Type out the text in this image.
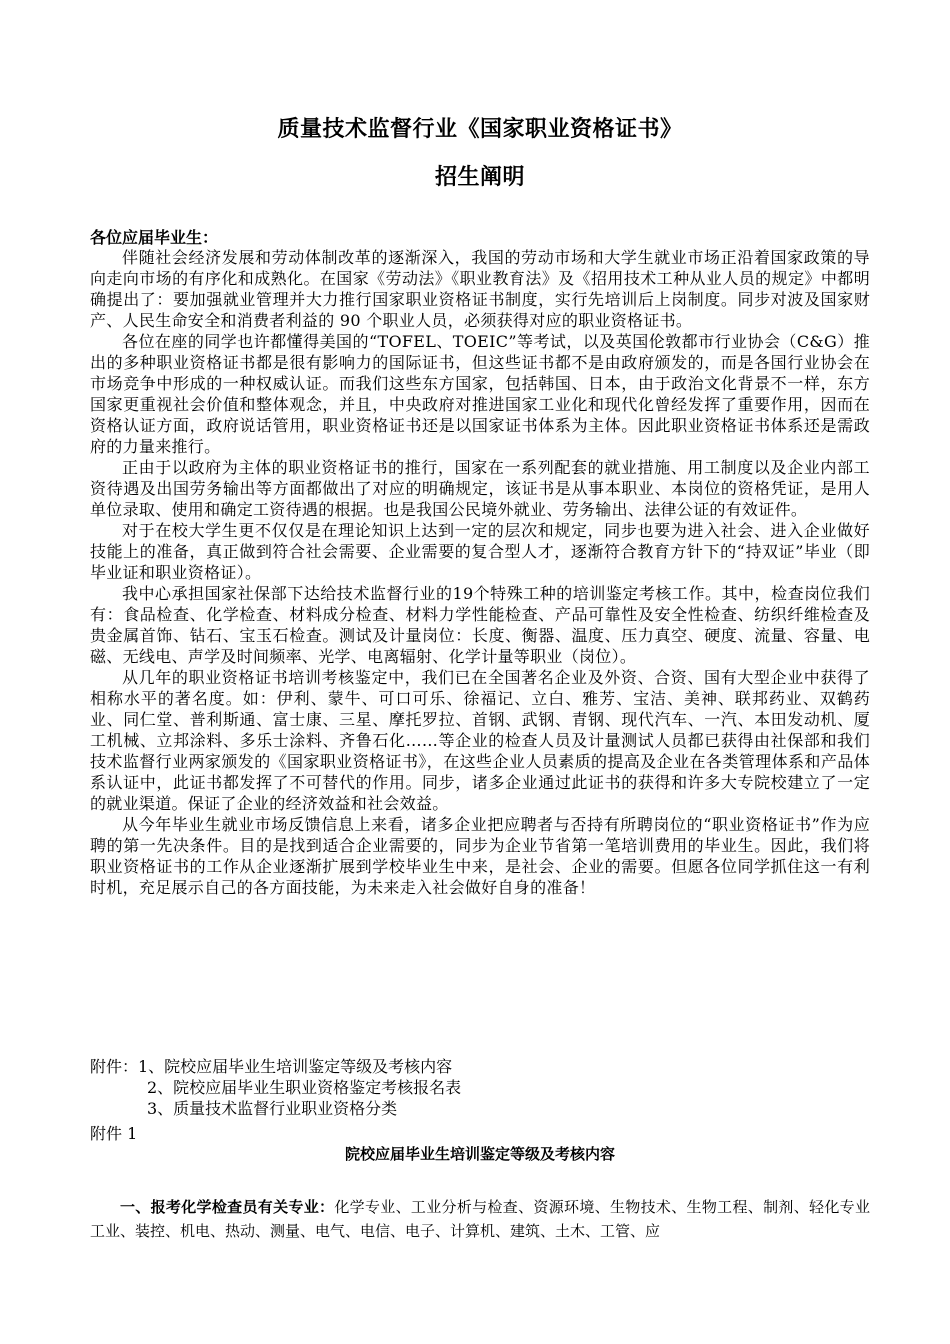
质量技术监督行业《国家职业资格证书》
招生阐明
各位应届毕业生：

伴随社会经济发展和劳动体制改革的逐渐深入，我国的劳动市场和大学生就业市场正沿着国家政策的导向走向市场的有序化和成熟化。在国家《劳动法》《职业教育法》及《招用技术工种从业人员的规定》中都明确提出了：要加强就业管理并大力推行国家职业资格证书制度，实行先培训后上岗制度。同步对波及国家财产、人民生命安全和消费者利益的 90 个职业人员，必须获得对应的职业资格证书。

各位在座的同学也许都懂得美国的“TOFEL、TOEIC”等考试，以及英国伦敦都市行业协会（C&G）推出的多种职业资格证书都是很有影响力的国际证书，但这些证书都不是由政府颁发的，而是各国行业协会在市场竞争中形成的一种权威认证。而我们这些东方国家，包括韩国、日本，由于政治文化背景不一样，东方国家更重视社会价值和整体观念，并且，中央政府对推进国家工业化和现代化曾经发挥了重要作用，因而在资格认证方面，政府说话管用，职业资格证书还是以国家证书体系为主体。因此职业资格证书体系还是需政府的力量来推行。

正由于以政府为主体的职业资格证书的推行，国家在一系列配套的就业措施、用工制度以及企业内部工资待遇及出国劳务输出等方面都做出了对应的明确规定，该证书是从事本职业、本岗位的资格凭证，是用人单位录取、使用和确定工资待遇的根据。也是我国公民境外就业、劳务输出、法律公证的有效证件。

对于在校大学生更不仅仅是在理论知识上达到一定的层次和规定，同步也要为进入社会、进入企业做好技能上的准备，真正做到符合社会需要、企业需要的复合型人才，逐渐符合教育方针下的“持双证”毕业（即毕业证和职业资格证）。

我中心承担国家社保部下达给技术监督行业的19个特殊工种的培训鉴定考核工作。其中，检查岗位我们有：食品检查、化学检查、材料成分检查、材料力学性能检查、产品可靠性及安全性检查、纺织纤维检查及贵金属首饰、钻石、宝玉石检查。测试及计量岗位：长度、衡器、温度、压力真空、硬度、流量、容量、电磁、无线电、声学及时间频率、光学、电离辐射、化学计量等职业（岗位）。

从几年的职业资格证书培训考核鉴定中，我们已在全国著名企业及外资、合资、国有大型企业中获得了相称水平的著名度。如：伊利、蒙牛、可口可乐、徐福记、立白、雅芳、宝洁、美神、联邦药业、双鹤药业、同仁堂、普利斯通、富士康、三星、摩托罗拉、首钢、武钢、青钢、现代汽车、一汽、本田发动机、厦工机械、立邦涂料、多乐士涂料、齐鲁石化……等企业的检查人员及计量测试人员都已获得由社保部和我们技术监督行业两家颁发的《国家职业资格证书》，在这些企业人员素质的提高及企业在各类管理体系和产品体系认证中，此证书都发挥了不可替代的作用。同步，诸多企业通过此证书的获得和许多大专院校建立了一定的就业渠道。保证了企业的经济效益和社会效益。

从今年毕业生就业市场反馈信息上来看，诸多企业把应聘者与否持有所聘岗位的“职业资格证书”作为应聘的第一先决条件。目的是找到适合企业需要的，同步为企业节省第一笔培训费用的毕业生。因此，我们将职业资格证书的工作从企业逐渐扩展到学校毕业生中来，是社会、企业的需要。但愿各位同学抓住这一有利时机，充足展示自己的各方面技能，为未来走入社会做好自身的准备！

附件：1、院校应届毕业生培训鉴定等级及考核内容
2、院校应届毕业生职业资格鉴定考核报名表
3、质量技术监督行业职业资格分类
附件 1
院校应届毕业生培训鉴定等级及考核内容
一、报考化学检查员有关专业：化学专业、工业分析与检查、资源环境、生物技术、生物工程、制剂、轻化专业工业、装控、机电、热动、测量、电气、电信、电子、计算机、建筑、土木、工管、应
